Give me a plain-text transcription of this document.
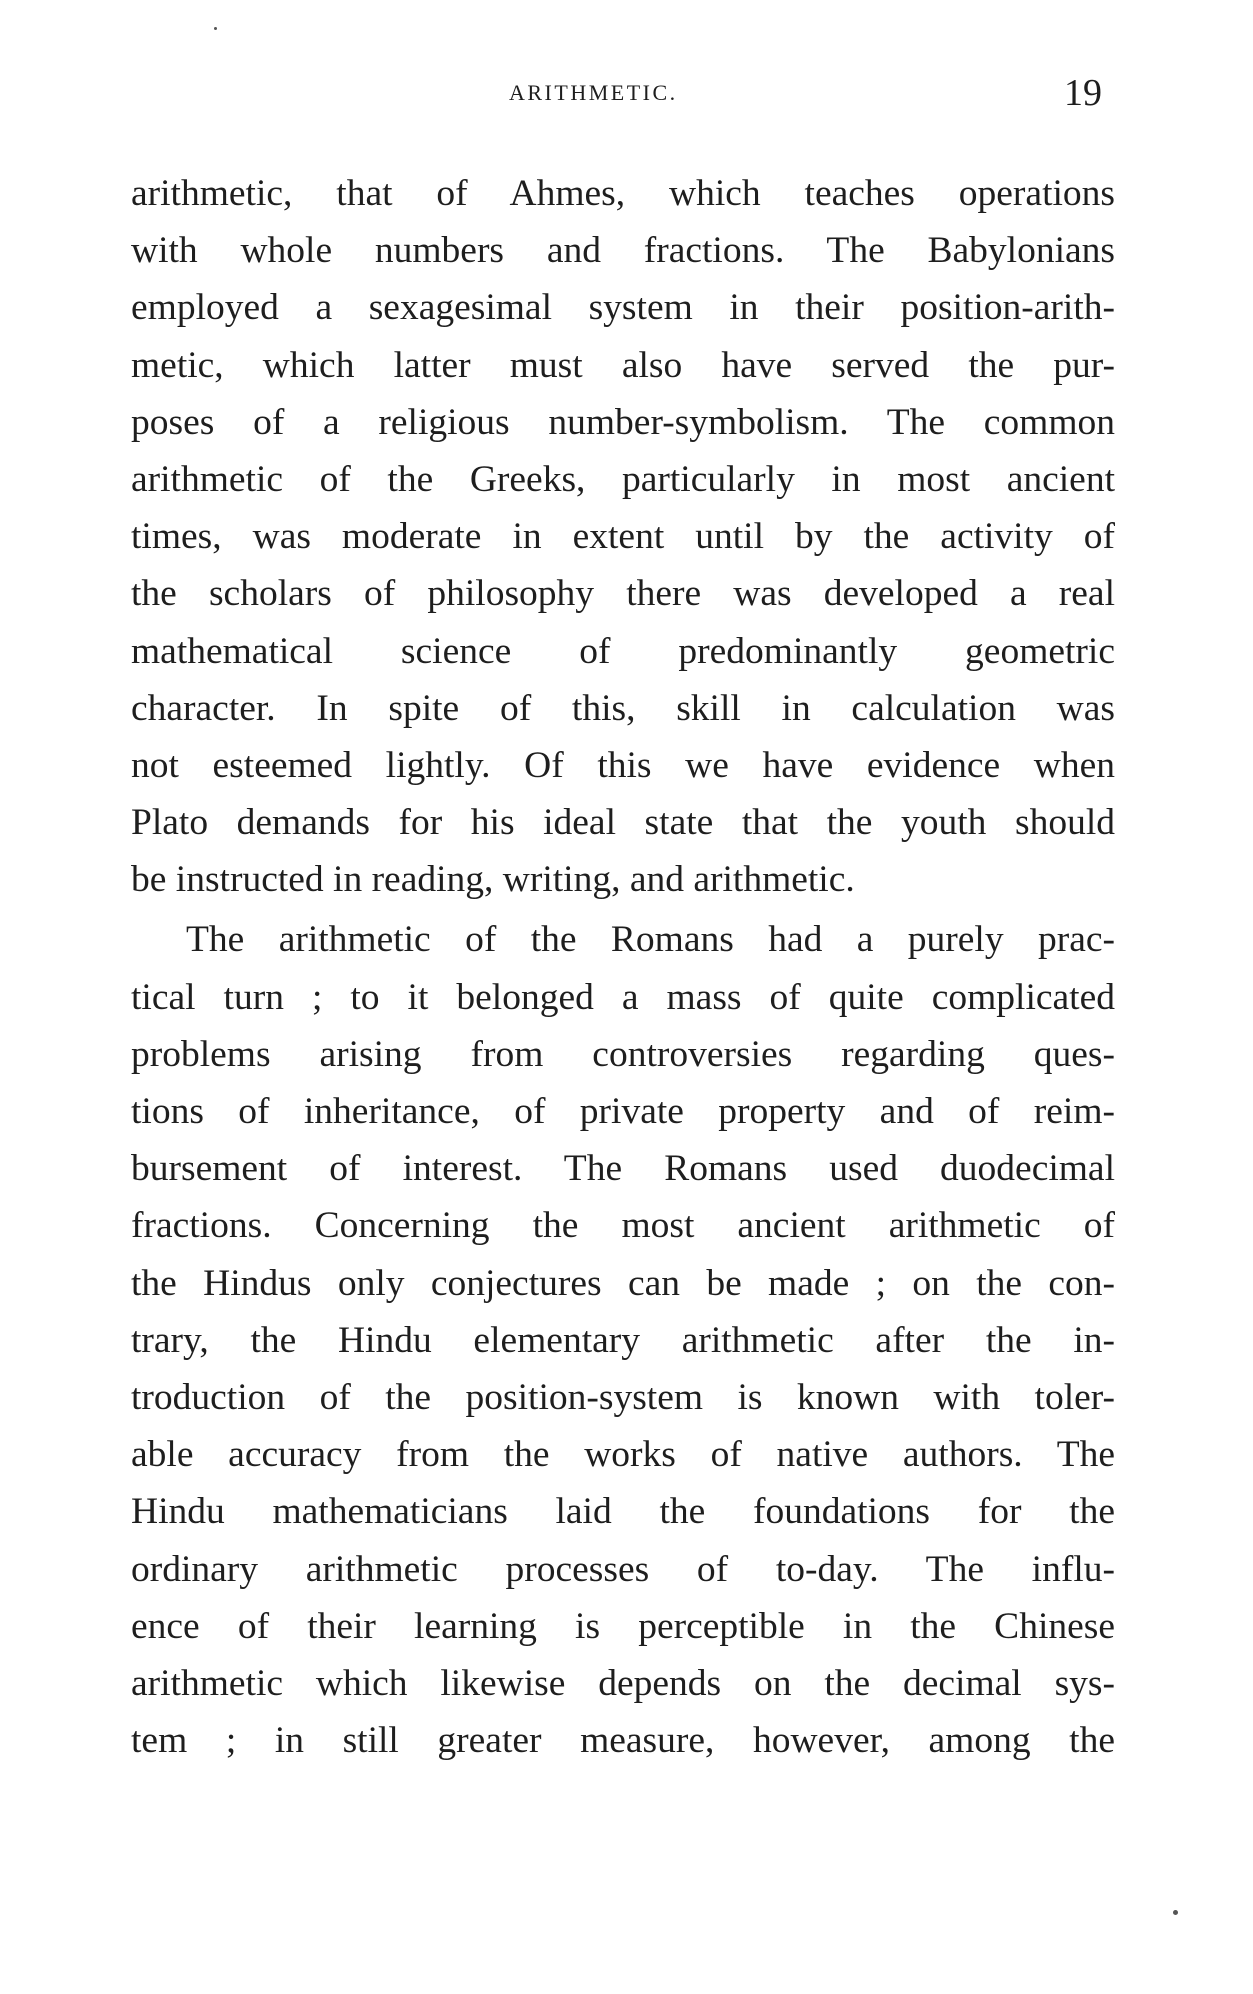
ARITHMETIC.	19
arithmetic, that of Ahmes, which teaches operations
with whole numbers and fractions. The Babylonians
employed a sexagesimal system in their position-arith-
metic, which latter must also have served the pur-
poses of a religious number-symbolism. The common
arithmetic of the Greeks, particularly in most ancient
times, was moderate in extent until by the activity of
the scholars of philosophy there was developed a real
mathematical science of predominantly geometric
character. In spite of this, skill in calculation was
not esteemed lightly. Of this we have evidence when
Plato demands for his ideal state that the youth should
be instructed in reading, writing, and arithmetic.
The arithmetic of the Romans had a purely prac-
tical turn ; to it belonged a mass of quite complicated
problems arising from controversies regarding ques-
tions of inheritance, of private property and of reim-
bursement of interest. The Romans used duodecimal
fractions. Concerning the most ancient arithmetic of
the Hindus only conjectures can be made ; on the con-
trary, the Hindu elementary arithmetic after the in-
troduction of the position-system is known with toler-
able accuracy from the works of native authors. The
Hindu mathematicians laid the foundations for the
ordinary arithmetic processes of to-day. The influ-
ence of their learning is perceptible in the Chinese
arithmetic which likewise depends on the decimal sys-
tem ; in still greater measure, however, among the
